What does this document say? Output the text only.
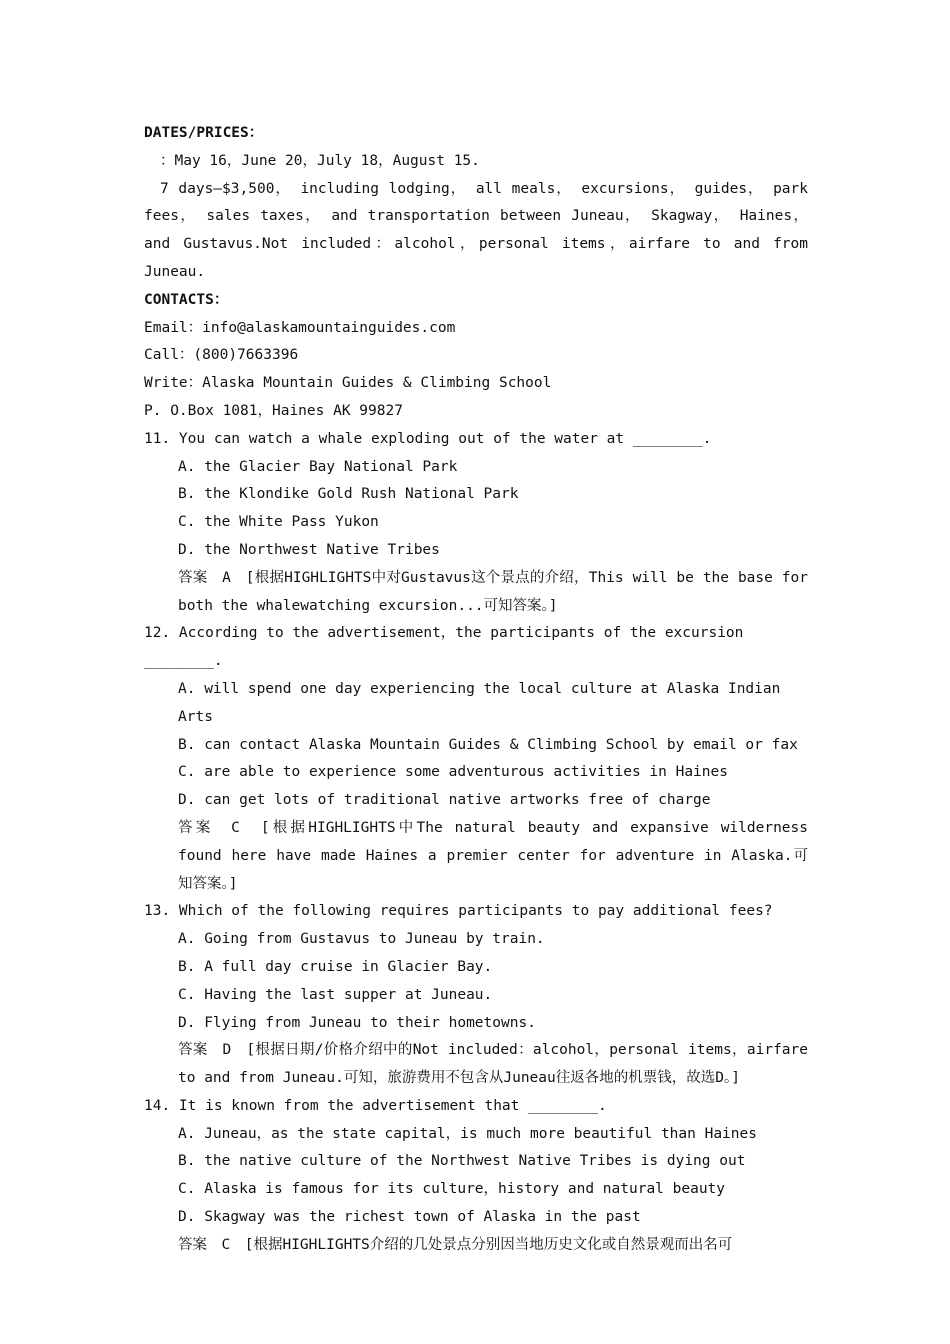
DATES/PRICES：

：May 16，June 20，July 18，August 15.

7 days—$3,500， including lodging， all meals， excursions， guides， park fees， sales taxes， and transportation between Juneau， Skagway， Haines， and Gustavus.Not included：alcohol，personal items，airfare to and from Juneau.

CONTACTS：

Email：info@alaskamountainguides.com

Call：(800)7663396

Write：Alaska Mountain Guides & Climbing School

P. O.Box 1081，Haines AK 99827

11. You can watch a whale exploding out of the water at ________.

A. the Glacier Bay National Park

B. the Klondike Gold Rush National Park

C. the White Pass Yukon

D. the Northwest Native Tribes

答案　A　[根据HIGHLIGHTS中对Gustavus这个景点的介绍，This will be the base for both the whalewatching excursion...可知答案。]

12. According to the advertisement，the participants of the excursion ________.

A. will spend one day experiencing the local culture at Alaska Indian Arts

B. can contact Alaska Mountain Guides & Climbing School by email or fax

C. are able to experience some adventurous activities in Haines

D. can get lots of traditional native artworks free of charge

答案　C　[根据HIGHLIGHTS中The natural beauty and expansive wilderness found here have made Haines a premier center for adventure in Alaska.可知答案。]

13. Which of the following requires participants to pay additional fees?

A. Going from Gustavus to Juneau by train.

B. A full day cruise in Glacier Bay.

C. Having the last supper at Juneau.

D. Flying from Juneau to their hometowns.

答案　D　[根据日期/价格介绍中的Not included：alcohol，personal items，airfare to and from Juneau.可知，旅游费用不包含从Juneau往返各地的机票钱，故选D。]

14. It is known from the advertisement that ________.

A. Juneau，as the state capital，is much more beautiful than Haines

B. the native culture of the Northwest Native Tribes is dying out

C. Alaska is famous for its culture，history and natural beauty

D. Skagway was the richest town of Alaska in the past

答案　C　[根据HIGHLIGHTS介绍的几处景点分别因当地历史文化或自然景观而出名可
